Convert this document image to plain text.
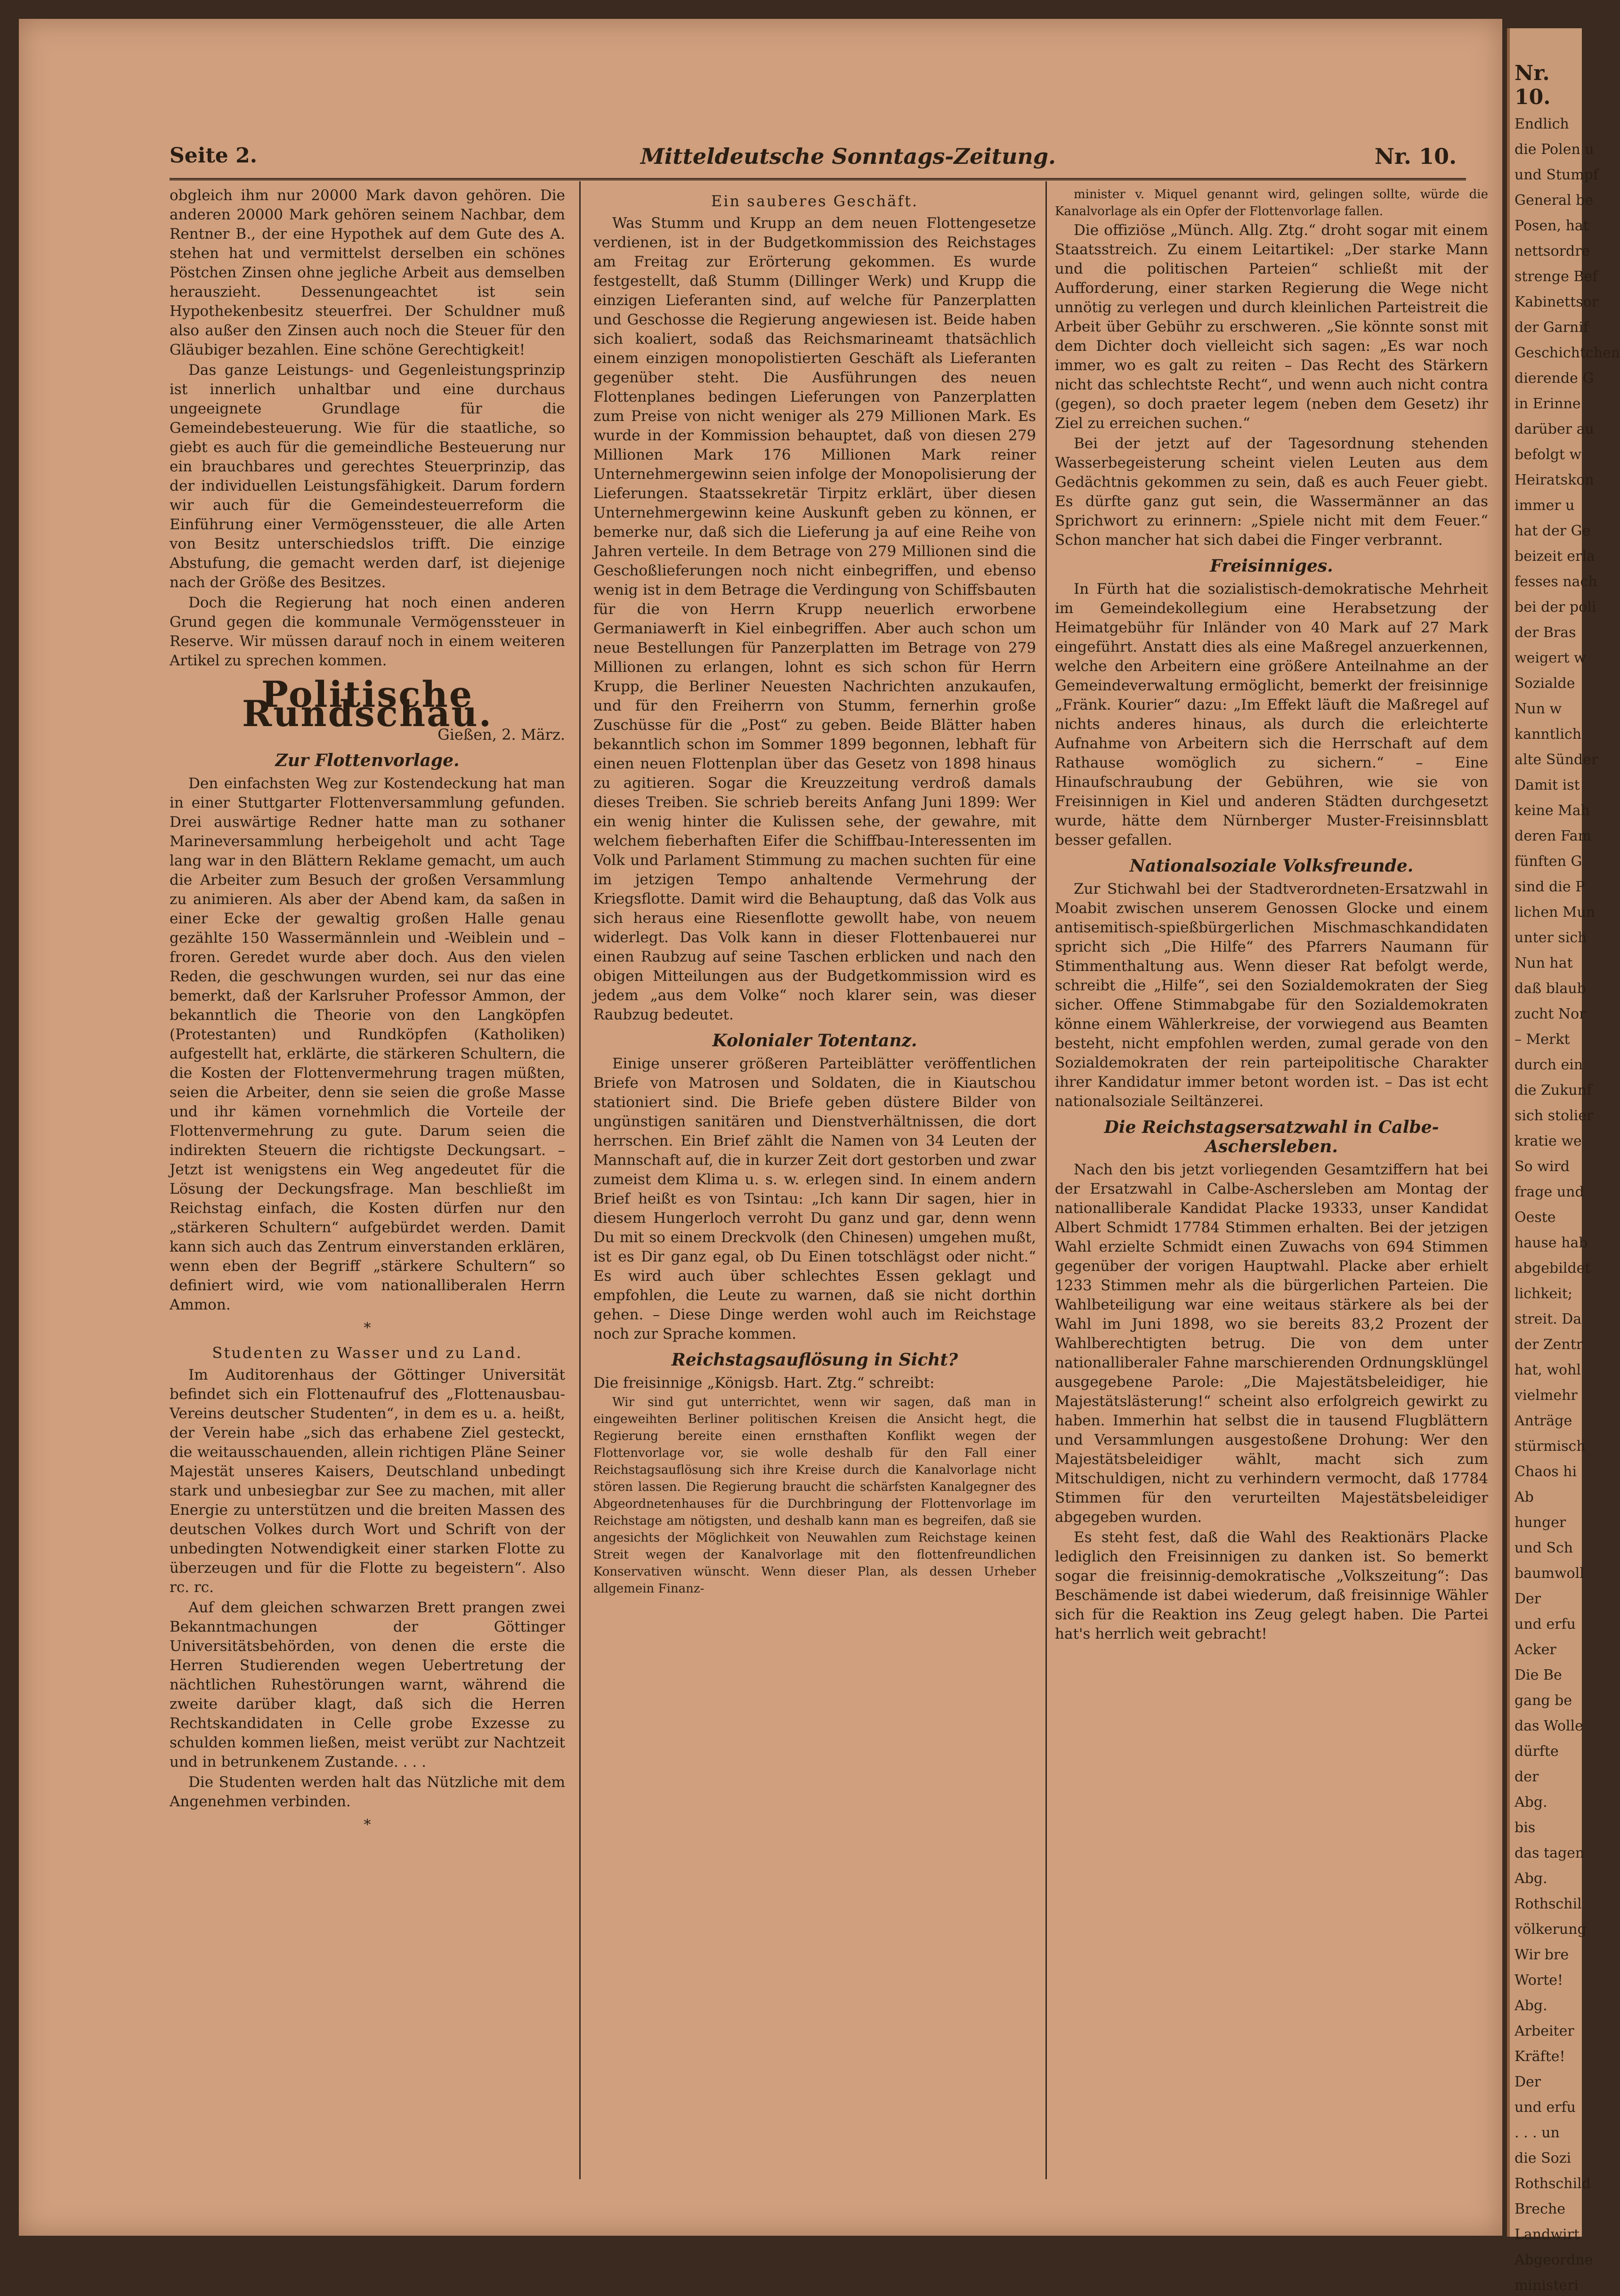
Nr. 10.
Endlich
die Polen u
und Stumpf
General be
Posen, hat
nettsordre
strenge Bef
Kabinettsor
der Garnif
Geschichtchen
dierende G
in Erinne
darüber au
befolgt w
Heiratskon
immer u
hat der Ge
beizeit erla
fesses nach
bei der poli
der Bras
weigert w
Sozialde
Nun w
kanntlich
alte Sünder
Damit ist
keine Mah
deren Fam
fünften G
sind die P
lichen Mun
unter sich
Nun hat
daß blaub
zucht Nor
– Merkt
durch ein
die Zukunf
sich stolier
kratie we
So wird
frage und
Oeste
hause hab
abgebildet
lichkeit;
streit. Da
der Zentr
hat, wohl
vielmehr
Anträge
stürmisch
Chaos hi
Ab
hunger
und Sch
baumwoll
Der
und erfu
Acker
Die Be
gang be
das Wolle
dürfte
der
Abg.
bis
das tagen
Abg.
Rothschil
völkerung
Wir bre
Worte!
Abg.
Arbeiter
Kräfte!
Der
und erfu
. . . un
die Sozi
Rothschild
Breche
Landwirt
Abgeordne
ministeri
Seite 2.	Mitteldeutsche Sonntags-Zeitung.	Nr. 10.

obgleich ihm nur 20000 Mark davon gehören. Die anderen 20000 Mark gehören seinem Nachbar, dem Rentner B., der eine Hypothek auf dem Gute des A. stehen hat und vermittelst derselben ein schönes Pöstchen Zinsen ohne jegliche Arbeit aus demselben herauszieht. Dessenungeachtet ist sein Hypothekenbesitz steuerfrei. Der Schuldner muß also außer den Zinsen auch noch die Steuer für den Gläubiger bezahlen. Eine schöne Gerechtigkeit!

Das ganze Leistungs- und Gegenleistungsprinzip ist innerlich unhaltbar und eine durchaus ungeeignete Grundlage für die Gemeindebesteuerung. Wie für die staatliche, so giebt es auch für die gemeindliche Besteuerung nur ein brauchbares und gerechtes Steuerprinzip, das der individuellen Leistungsfähigkeit. Darum fordern wir auch für die Gemeindesteuerreform die Einführung einer Vermögenssteuer, die alle Arten von Besitz unterschiedslos trifft. Die einzige Abstufung, die gemacht werden darf, ist diejenige nach der Größe des Besitzes.

Doch die Regierung hat noch einen anderen Grund gegen die kommunale Vermögenssteuer in Reserve. Wir müssen darauf noch in einem weiteren Artikel zu sprechen kommen.

Politische Rundschau.
Gießen, 2. März.
Zur Flottenvorlage.

Den einfachsten Weg zur Kostendeckung hat man in einer Stuttgarter Flottenversammlung gefunden. Drei auswärtige Redner hatte man zu sothaner Marineversammlung herbeigeholt und acht Tage lang war in den Blättern Reklame gemacht, um auch die Arbeiter zum Besuch der großen Versammlung zu animieren. Als aber der Abend kam, da saßen in einer Ecke der gewaltig großen Halle genau gezählte 150 Wassermännlein und -Weiblein und – froren. Geredet wurde aber doch. Aus den vielen Reden, die geschwungen wurden, sei nur das eine bemerkt, daß der Karlsruher Professor Ammon, der bekanntlich die Theorie von den Langköpfen (Protestanten) und Rundköpfen (Katholiken) aufgestellt hat, erklärte, die stärkeren Schultern, die die Kosten der Flottenvermehrung tragen müßten, seien die Arbeiter, denn sie seien die große Masse und ihr kämen vornehmlich die Vorteile der Flottenvermehrung zu gute. Darum seien die indirekten Steuern die richtigste Deckungsart. – Jetzt ist wenigstens ein Weg angedeutet für die Lösung der Deckungsfrage. Man beschließt im Reichstag einfach, die Kosten dürfen nur den „stärkeren Schultern“ aufgebürdet werden. Damit kann sich auch das Zentrum einverstanden erklären, wenn eben der Begriff „stärkere Schultern“ so definiert wird, wie vom nationalliberalen Herrn Ammon.

*
Studenten zu Wasser und zu Land.

Im Auditorenhaus der Göttinger Universität befindet sich ein Flottenaufruf des „Flottenausbau-Vereins deutscher Studenten“, in dem es u. a. heißt, der Verein habe „sich das erhabene Ziel gesteckt, die weitausschauenden, allein richtigen Pläne Seiner Majestät unseres Kaisers, Deutschland unbedingt stark und unbesiegbar zur See zu machen, mit aller Energie zu unterstützen und die breiten Massen des deutschen Volkes durch Wort und Schrift von der unbedingten Notwendigkeit einer starken Flotte zu überzeugen und für die Flotte zu begeistern“. Also rc. rc.

Auf dem gleichen schwarzen Brett prangen zwei Bekanntmachungen der Göttinger Universitätsbehörden, von denen die erste die Herren Studierenden wegen Uebertretung der nächtlichen Ruhestörungen warnt, während die zweite darüber klagt, daß sich die Herren Rechtskandidaten in Celle grobe Exzesse zu schulden kommen ließen, meist verübt zur Nachtzeit und in betrunkenem Zustande. . . .

Die Studenten werden halt das Nützliche mit dem Angenehmen verbinden.

*
Ein sauberes Geschäft.

Was Stumm und Krupp an dem neuen Flottengesetze verdienen, ist in der Budgetkommission des Reichstages am Freitag zur Erörterung gekommen. Es wurde festgestellt, daß Stumm (Dillinger Werk) und Krupp die einzigen Lieferanten sind, auf welche für Panzerplatten und Geschosse die Regierung angewiesen ist. Beide haben sich koaliert, sodaß das Reichsmarineamt thatsächlich einem einzigen monopolistierten Geschäft als Lieferanten gegenüber steht. Die Ausführungen des neuen Flottenplanes bedingen Lieferungen von Panzerplatten zum Preise von nicht weniger als 279 Millionen Mark. Es wurde in der Kommission behauptet, daß von diesen 279 Millionen Mark 176 Millionen Mark reiner Unternehmergewinn seien infolge der Monopolisierung der Lieferungen. Staatssekretär Tirpitz erklärt, über diesen Unternehmergewinn keine Auskunft geben zu können, er bemerke nur, daß sich die Lieferung ja auf eine Reihe von Jahren verteile. In dem Betrage von 279 Millionen sind die Geschoßlieferungen noch nicht einbegriffen, und ebenso wenig ist in dem Betrage die Verdingung von Schiffsbauten für die von Herrn Krupp neuerlich erworbene Germaniawerft in Kiel einbegriffen. Aber auch schon um neue Bestellungen für Panzerplatten im Betrage von 279 Millionen zu erlangen, lohnt es sich schon für Herrn Krupp, die Berliner Neuesten Nachrichten anzukaufen, und für den Freiherrn von Stumm, fernerhin große Zuschüsse für die „Post“ zu geben. Beide Blätter haben bekanntlich schon im Sommer 1899 begonnen, lebhaft für einen neuen Flottenplan über das Gesetz von 1898 hinaus zu agitieren. Sogar die Kreuzzeitung verdroß damals dieses Treiben. Sie schrieb bereits Anfang Juni 1899: Wer ein wenig hinter die Kulissen sehe, der gewahre, mit welchem fieberhaften Eifer die Schiffbau-Interessenten im Volk und Parlament Stimmung zu machen suchten für eine im jetzigen Tempo anhaltende Vermehrung der Kriegsflotte. Damit wird die Behauptung, daß das Volk aus sich heraus eine Riesenflotte gewollt habe, von neuem widerlegt. Das Volk kann in dieser Flottenbauerei nur einen Raubzug auf seine Taschen erblicken und nach den obigen Mitteilungen aus der Budgetkommission wird es jedem „aus dem Volke“ noch klarer sein, was dieser Raubzug bedeutet.

Kolonialer Totentanz.

Einige unserer größeren Parteiblätter veröffentlichen Briefe von Matrosen und Soldaten, die in Kiautschou stationiert sind. Die Briefe geben düstere Bilder von ungünstigen sanitären und Dienstverhältnissen, die dort herrschen. Ein Brief zählt die Namen von 34 Leuten der Mannschaft auf, die in kurzer Zeit dort gestorben und zwar zumeist dem Klima u. s. w. erlegen sind. In einem andern Brief heißt es von Tsintau: „Ich kann Dir sagen, hier in diesem Hungerloch verroht Du ganz und gar, denn wenn Du mit so einem Dreckvolk (den Chinesen) umgehen mußt, ist es Dir ganz egal, ob Du Einen totschlägst oder nicht.“ Es wird auch über schlechtes Essen geklagt und empfohlen, die Leute zu warnen, daß sie nicht dorthin gehen. – Diese Dinge werden wohl auch im Reichstage noch zur Sprache kommen.

Reichstagsauflösung in Sicht?

Die freisinnige „Königsb. Hart. Ztg.“ schreibt:

Wir sind gut unterrichtet, wenn wir sagen, daß man in eingeweihten Berliner politischen Kreisen die Ansicht hegt, die Regierung bereite einen ernsthaften Konflikt wegen der Flottenvorlage vor, sie wolle deshalb für den Fall einer Reichstagsauflösung sich ihre Kreise durch die Kanalvorlage nicht stören lassen. Die Regierung braucht die schärfsten Kanalgegner des Abgeordnetenhauses für die Durchbringung der Flottenvorlage im Reichstage am nötigsten, und deshalb kann man es begreifen, daß sie angesichts der Möglichkeit von Neuwahlen zum Reichstage keinen Streit wegen der Kanalvorlage mit den flottenfreundlichen Konservativen wünscht. Wenn dieser Plan, als dessen Urheber allgemein Finanz-

minister v. Miquel genannt wird, gelingen sollte, würde die Kanalvorlage als ein Opfer der Flottenvorlage fallen.

Die offiziöse „Münch. Allg. Ztg.“ droht sogar mit einem Staatsstreich. Zu einem Leitartikel: „Der starke Mann und die politischen Parteien“ schließt mit der Aufforderung, einer starken Regierung die Wege nicht unnötig zu verlegen und durch kleinlichen Parteistreit die Arbeit über Gebühr zu erschweren. „Sie könnte sonst mit dem Dichter doch vielleicht sich sagen: „Es war noch immer, wo es galt zu reiten – Das Recht des Stärkern nicht das schlechtste Recht“, und wenn auch nicht contra (gegen), so doch praeter legem (neben dem Gesetz) ihr Ziel zu erreichen suchen.“

Bei der jetzt auf der Tagesordnung stehenden Wasserbegeisterung scheint vielen Leuten aus dem Gedächtnis gekommen zu sein, daß es auch Feuer giebt. Es dürfte ganz gut sein, die Wassermänner an das Sprichwort zu erinnern: „Spiele nicht mit dem Feuer.“ Schon mancher hat sich dabei die Finger verbrannt.

Freisinniges.

In Fürth hat die sozialistisch-demokratische Mehrheit im Gemeindekollegium eine Herabsetzung der Heimatgebühr für Inländer von 40 Mark auf 27 Mark eingeführt. Anstatt dies als eine Maßregel anzuerkennen, welche den Arbeitern eine größere Anteilnahme an der Gemeindeverwaltung ermöglicht, bemerkt der freisinnige „Fränk. Kourier“ dazu: „Im Effekt läuft die Maßregel auf nichts anderes hinaus, als durch die erleichterte Aufnahme von Arbeitern sich die Herrschaft auf dem Rathause womöglich zu sichern.“ – Eine Hinaufschraubung der Gebühren, wie sie von Freisinnigen in Kiel und anderen Städten durchgesetzt wurde, hätte dem Nürnberger Muster-Freisinnsblatt besser gefallen.

Nationalsoziale Volksfreunde.

Zur Stichwahl bei der Stadtverordneten-Ersatzwahl in Moabit zwischen unserem Genossen Glocke und einem antisemitisch-spießbürgerlichen Mischmaschkandidaten spricht sich „Die Hilfe“ des Pfarrers Naumann für Stimmenthaltung aus. Wenn dieser Rat befolgt werde, schreibt die „Hilfe“, sei den Sozialdemokraten der Sieg sicher. Offene Stimmabgabe für den Sozialdemokraten könne einem Wählerkreise, der vorwiegend aus Beamten besteht, nicht empfohlen werden, zumal gerade von den Sozialdemokraten der rein parteipolitische Charakter ihrer Kandidatur immer betont worden ist. – Das ist echt nationalsoziale Seiltänzerei.

Die Reichstagsersatzwahl in Calbe-Aschersleben.

Nach den bis jetzt vorliegenden Gesamtziffern hat bei der Ersatzwahl in Calbe-Aschersleben am Montag der nationalliberale Kandidat Placke 19333, unser Kandidat Albert Schmidt 17784 Stimmen erhalten. Bei der jetzigen Wahl erzielte Schmidt einen Zuwachs von 694 Stimmen gegenüber der vorigen Hauptwahl. Placke aber erhielt 1233 Stimmen mehr als die bürgerlichen Parteien. Die Wahlbeteiligung war eine weitaus stärkere als bei der Wahl im Juni 1898, wo sie bereits 83,2 Prozent der Wahlberechtigten betrug. Die von dem unter nationalliberaler Fahne marschierenden Ordnungsklüngel ausgegebene Parole: „Die Majestätsbeleidiger, hie Majestätslästerung!“ scheint also erfolgreich gewirkt zu haben. Immerhin hat selbst die in tausend Flugblättern und Versammlungen ausgestoßene Drohung: Wer den Majestätsbeleidiger wählt, macht sich zum Mitschuldigen, nicht zu verhindern vermocht, daß 17784 Stimmen für den verurteilten Majestätsbeleidiger abgegeben wurden.

Es steht fest, daß die Wahl des Reaktionärs Placke lediglich den Freisinnigen zu danken ist. So bemerkt sogar die freisinnig-demokratische „Volkszeitung“: Das Beschämende ist dabei wiederum, daß freisinnige Wähler sich für die Reaktion ins Zeug gelegt haben. Die Partei hat's herrlich weit gebracht!
